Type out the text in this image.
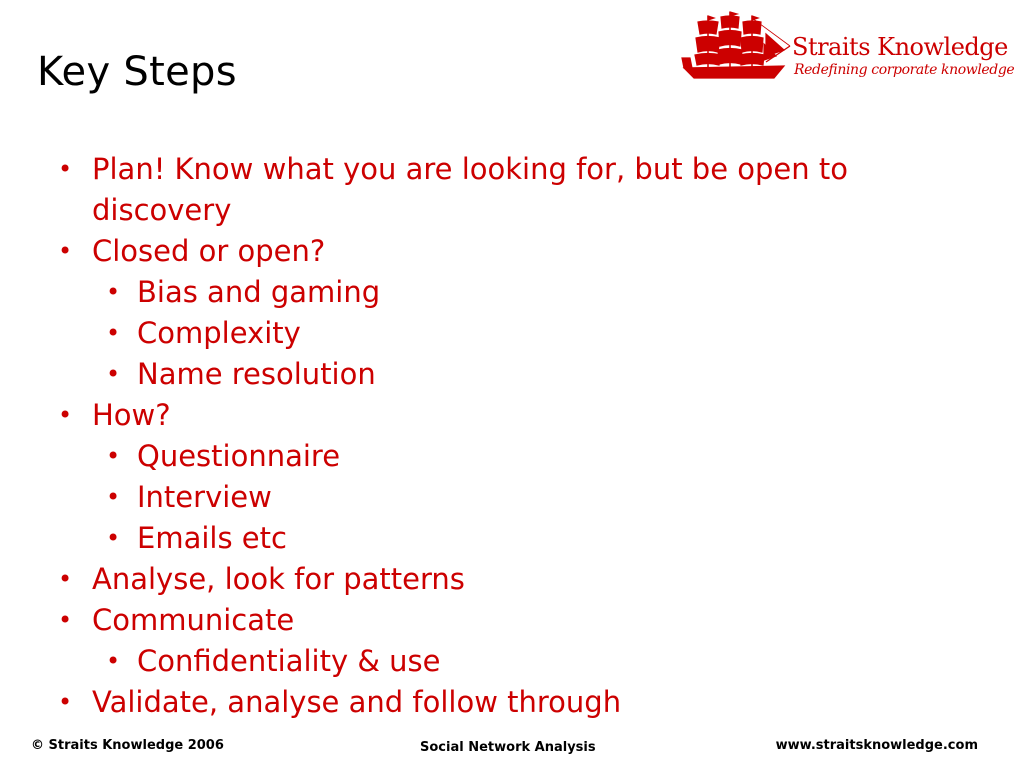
Key Steps
Straits Knowledge
Redefining corporate knowledge
• Plan! Know what you are looking for, but be open to discovery
• Closed or open?
• Bias and gaming
• Complexity
• Name resolution
• How?
• Questionnaire
• Interview
• Emails etc
• Analyse, look for patterns
• Communicate
• Confidentiality & use
• Validate, analyse and follow through
© Straits Knowledge 2006	Social Network Analysis	www.straitsknowledge.com
